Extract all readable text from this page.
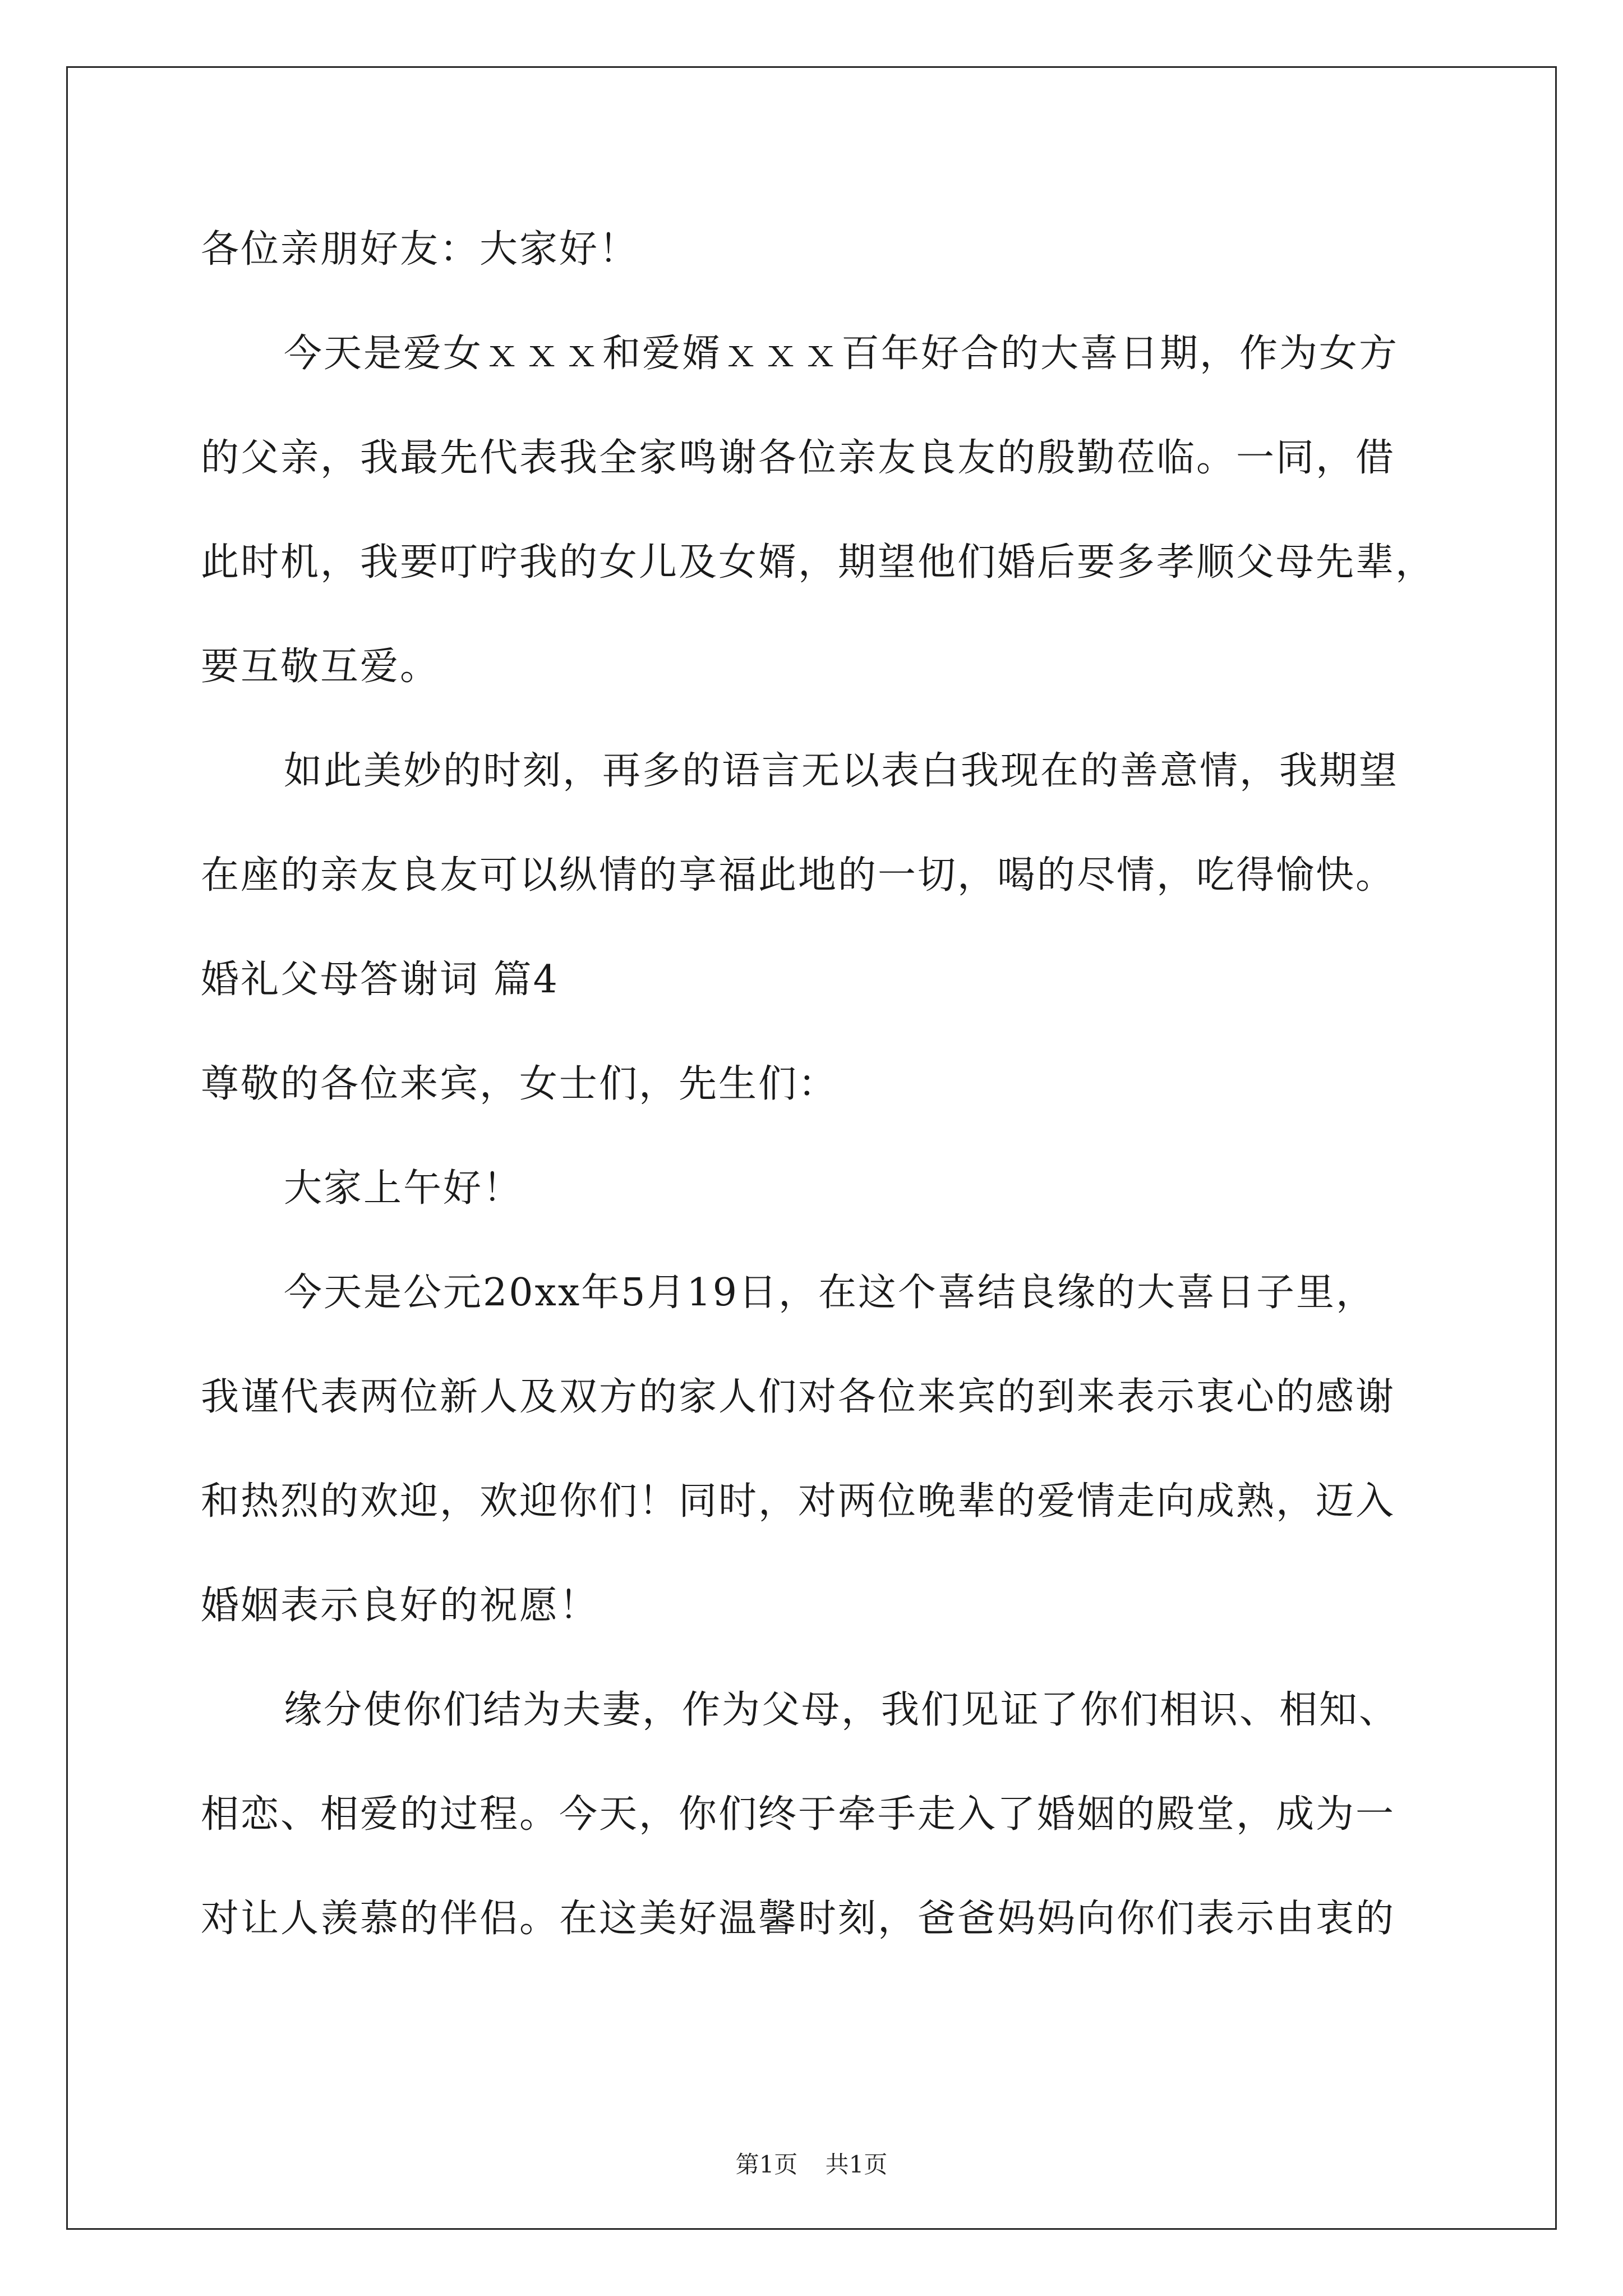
各位亲朋好友：大家好！

今天是爱女ｘｘｘ和爱婿ｘｘｘ百年好合的大喜日期，作为女方

的父亲，我最先代表我全家鸣谢各位亲友良友的殷勤莅临。一同，借

此时机，我要叮咛我的女儿及女婿，期望他们婚后要多孝顺父母先辈，

要互敬互爱。

如此美妙的时刻，再多的语言无以表白我现在的善意情，我期望

在座的亲友良友可以纵情的享福此地的一切，喝的尽情，吃得愉快。

婚礼父母答谢词 篇4

尊敬的各位来宾，女士们，先生们：

大家上午好！

今天是公元20xx年5月19日，在这个喜结良缘的大喜日子里，

我谨代表两位新人及双方的家人们对各位来宾的到来表示衷心的感谢

和热烈的欢迎，欢迎你们！同时，对两位晚辈的爱情走向成熟，迈入

婚姻表示良好的祝愿！

缘分使你们结为夫妻，作为父母，我们见证了你们相识、相知、

相恋、相爱的过程。今天，你们终于牵手走入了婚姻的殿堂，成为一

对让人羡慕的伴侣。在这美好温馨时刻，爸爸妈妈向你们表示由衷的

第1页 共1页
